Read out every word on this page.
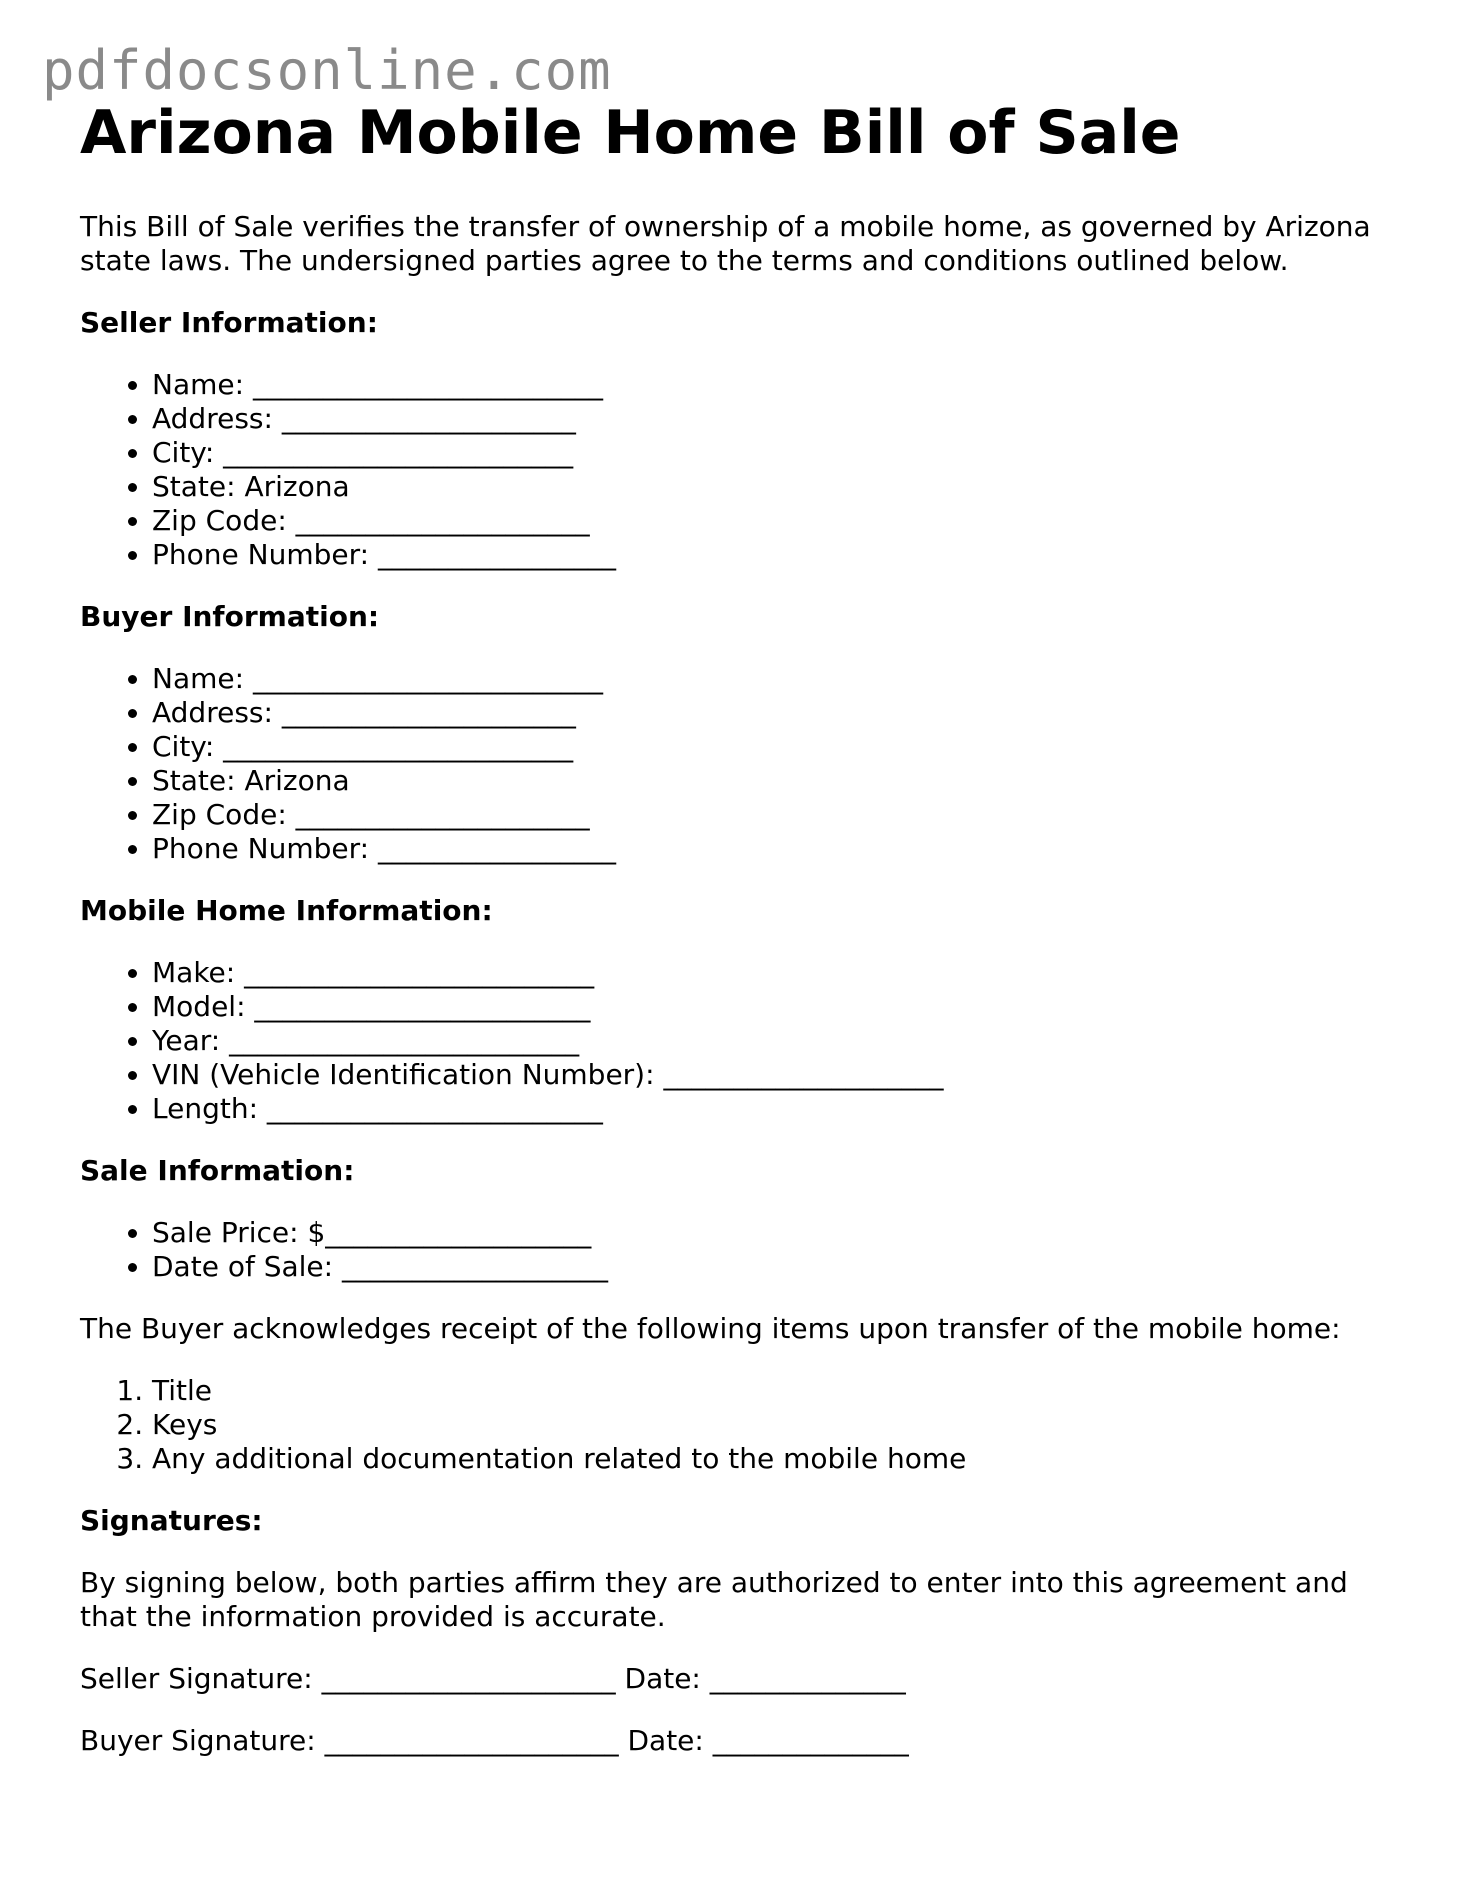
pdfdocsonline.com
Arizona Mobile Home Bill of Sale

This Bill of Sale verifies the transfer of ownership of a mobile home, as governed by Arizona state laws. The undersigned parties agree to the terms and conditions outlined below.

Seller Information:
• Name: _________________________
• Address: _____________________
• City: _________________________
• State: Arizona
• Zip Code: _____________________
• Phone Number: _________________
Buyer Information:
• Name: _________________________
• Address: _____________________
• City: _________________________
• State: Arizona
• Zip Code: _____________________
• Phone Number: _________________
Mobile Home Information:
• Make: _________________________
• Model: ________________________
• Year: _________________________
• VIN (Vehicle Identification Number): ____________________
• Length: ________________________
Sale Information:
• Sale Price: $___________________
• Date of Sale: ___________________

The Buyer acknowledges receipt of the following items upon transfer of the mobile home:

1. Title
2. Keys
3. Any additional documentation related to the mobile home
Signatures:

By signing below, both parties affirm they are authorized to enter into this agreement and that the information provided is accurate.

Seller Signature: _____________________ Date: ______________
Buyer Signature: _____________________ Date: ______________
